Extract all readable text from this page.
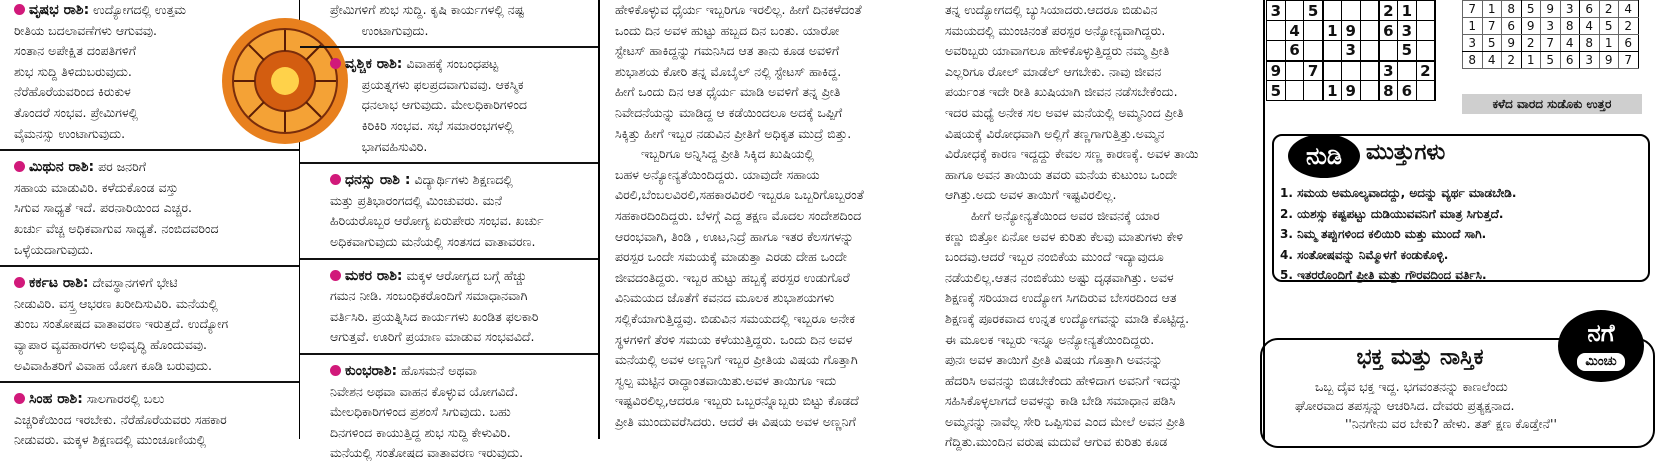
ವೃಷಭ ರಾಶಿ: ಉದ್ಯೋಗದಲ್ಲಿ ಉತ್ತಮ
ರೀತಿಯ ಬದಲಾವಣೆಗಳು ಆಗುವವು.
ಸಂತಾನ ಅಪೇಕ್ಷಿತ ದಂಪತಿಗಳಿಗೆ
ಶುಭ ಸುದ್ದಿ ತಿಳಿದುಬರುವುದು.
ನೆರೆಹೊರೆಯವರಿಂದ ಕಿರುಕುಳ
ತೊಂದರೆ ಸಂಭವ. ಪ್ರೇಮಿಗಳಲ್ಲಿ
ವೈಮನಸ್ಸು ಉಂಟಾಗುವುದು.
ಮಿಥುನ ರಾಶಿ: ಪರ ಜನರಿಗೆ
ಸಹಾಯ ಮಾಡುವಿರಿ. ಕಳೆದುಕೊಂಡ ವಸ್ತು
ಸಿಗುವ ಸಾಧ್ಯತೆ ಇದೆ. ಪರನಾರಿಯಿಂದ ಎಚ್ಚರ.
ಖರ್ಚು ವೆಚ್ಚ ಅಧಿಕವಾಗುವ ಸಾಧ್ಯತೆ. ನಂಬಿದವರಿಂದ
ಒಳ್ಳೆಯದಾಗುವುದು.
ಕರ್ಕಟ ರಾಶಿ: ದೇವಸ್ಥಾನಗಳಿಗೆ ಭೇಟಿ
ನೀಡುವಿರಿ. ವಸ್ತ್ರ ಆಭರಣ ಖರೀದಿಸುವಿರಿ. ಮನೆಯಲ್ಲಿ
ತುಂಬ ಸಂತೋಷದ ವಾತಾವರಣ ಇರುತ್ತದೆ. ಉದ್ಯೋಗ
ವ್ಯಾಪಾರ ವ್ಯವಹಾರಗಳು ಅಭಿವೃದ್ಧಿ ಹೊಂದುವವು.
ಅವಿವಾಹಿತರಿಗೆ ವಿವಾಹ ಯೋಗ ಕೂಡಿ ಬರುವುದು.
ಸಿಂಹ ರಾಶಿ: ಸಾಲಗಾರರಲ್ಲಿ ಬಲು
ಎಚ್ಚರಿಕೆಯಿಂದ ಇರಬೇಕು. ನೆರೆಹೊರೆಯವರು ಸಹಕಾರ
ನೀಡುವರು. ಮಕ್ಕಳ ಶಿಕ್ಷಣದಲ್ಲಿ ಮುಂಚೂಣಿಯಲ್ಲಿ
ಪ್ರೇಮಿಗಳಿಗೆ ಶುಭ ಸುದ್ದಿ. ಕೃಷಿ ಕಾರ್ಯಗಳಲ್ಲಿ ನಷ್ಟ
ಉಂಟಾಗುವುದು.
ವೃಶ್ಚಿಕ ರಾಶಿ: ವಿವಾಹಕ್ಕೆ ಸಂಬಂಧಪಟ್ಟ
ಪ್ರಯತ್ನಗಳು ಫಲಪ್ರದವಾಗುವವು. ಆಕಸ್ಮಿಕ
ಧನಲಾಭ ಆಗುವುದು. ಮೇಲಧಿಕಾರಿಗಳಿಂದ
ಕಿರಿಕಿರಿ ಸಂಭವ. ಸಭೆ ಸಮಾರಂಭಗಳಲ್ಲಿ
ಭಾಗವಹಿಸುವಿರಿ.
ಧನಸ್ಸು ರಾಶಿ : ವಿದ್ಯಾರ್ಥಿಗಳು ಶಿಕ್ಷಣದಲ್ಲಿ
ಮತ್ತು ಪ್ರತಿಭಾರಂಗದಲ್ಲಿ ಮಿಂಚುವರು. ಮನೆ
ಹಿರಿಯರೊಬ್ಬರ ಆರೋಗ್ಯ ಏರುಪೇರು ಸಂಭವ. ಖರ್ಚು
ಅಧಿಕವಾಗುವುದು ಮನೆಯಲ್ಲಿ ಸಂತಸದ ವಾತಾವರಣ.
ಮಕರ ರಾಶಿ: ಮಕ್ಕಳ ಆರೋಗ್ಯದ ಬಗ್ಗೆ ಹೆಚ್ಚು
ಗಮನ ನೀಡಿ. ಸಂಬಂಧಿಕರೊಂದಿಗೆ ಸಮಾಧಾನವಾಗಿ
ವರ್ತಿಸಿರಿ. ಪ್ರಯತ್ನಿಸಿದ ಕಾರ್ಯಗಳು ಖಂಡಿತ ಫಲಕಾರಿ
ಆಗುತ್ತವೆ. ಊರಿಗೆ ಪ್ರಯಾಣ ಮಾಡುವ ಸಂಭವವಿದೆ.
ಕುಂಭರಾಶಿ: ಹೊಸಮನೆ ಅಥವಾ
ನಿವೇಶನ ಅಥವಾ ವಾಹನ ಕೊಳ್ಳುವ ಯೋಗವಿದೆ.
ಮೇಲಧಿಕಾರಿಗಳಿಂದ ಪ್ರಶಂಸೆ ಸಿಗುವುದು. ಬಹು
ದಿನಗಳಿಂದ ಕಾಯುತ್ತಿದ್ದ ಶುಭ ಸುದ್ದಿ ಕೇಳುವಿರಿ.
ಮನೆಯಲ್ಲಿ ಸಂತೋಷದ ವಾತಾವರಣ ಇರುವುದು.
ಹೇಳಿಕೊಳ್ಳುವ ಧೈರ್ಯ ಇಬ್ಬರಿಗೂ ಇರಲಿಲ್ಲ. ಹೀಗೆ ದಿನಕಳೆದಂತೆ
ಒಂದು ದಿನ ಅವಳ ಹುಟ್ಟು ಹಬ್ಬದ ದಿನ ಬಂತು. ಯಾರೋ
ಸ್ಟೇಟಸ್ ಹಾಕಿದ್ದನ್ನು ಗಮನಿಸಿದ ಆತ ತಾನು ಕೂಡ ಅವಳಿಗೆ
ಶುಭಾಶಯ ಕೋರಿ ತನ್ನ ಮೊಬೈಲ್ ನಲ್ಲಿ ಸ್ಟೇಟಸ್ ಹಾಕಿದ್ದ.
ಹೀಗೆ ಒಂದು ದಿನ ಆತ ಧೈರ್ಯ ಮಾಡಿ ಅವಳಿಗೆ ತನ್ನ ಪ್ರೀತಿ
ನಿವೇದನೆಯನ್ನು ಮಾಡಿದ್ದ ಆ ಕಡೆಯಿಂದಲೂ ಅದಕ್ಕೆ ಒಪ್ಪಿಗೆ
ಸಿಕ್ಕಿತ್ತು ಹೀಗೆ ಇಬ್ಬರ ನಡುವಿನ ಪ್ರೀತಿಗೆ ಅಧಿಕೃತ ಮುದ್ರೆ ಬಿತ್ತು.
ಇಬ್ಬರಿಗೂ ಅನ್ನಿಸಿದ್ದ ಪ್ರೀತಿ ಸಿಕ್ಕಿದ ಖುಷಿಯಲ್ಲಿ
ಬಹಳ ಅನ್ಯೋನ್ಯತೆಯಿಂದಿದ್ದರು. ಯಾವುದೇ ಸಹಾಯ
ವಿರಲಿ,ಬೆಂಬಲವಿರಲಿ,ಸಹಕಾರವಿರಲಿ ಇಬ್ಬರೂ ಒಬ್ಬರಿಗೊಬ್ಬರಂತೆ
ಸಹಕಾರದಿಂದಿದ್ದರು. ಬೆಳಗ್ಗೆ ಎದ್ದ ತಕ್ಷಣ ಮೊದಲ ಸಂದೇಶದಿಂದ
ಆರಂಭವಾಗಿ, ತಿಂಡಿ , ಊಟ,ನಿದ್ರೆ ಹಾಗೂ ಇತರ ಕೆಲಸಗಳನ್ನು
ಪರಸ್ಪರ ಒಂದೇ ಸಮಯಕ್ಕೆ ಮಾಡುತ್ತಾ ಎರಡು ದೇಹ ಒಂದೇ
ಜೀವದಂತಿದ್ದರು. ಇಬ್ಬರ ಹುಟ್ಟು ಹಬ್ಬಕ್ಕೆ ಪರಸ್ಪರ ಉಡುಗೊರೆ
ವಿನಿಮಯದ ಜೊತೆಗೆ ಕವನದ ಮೂಲಕ ಶುಭಾಶಯಗಳು
ಸಲ್ಲಿಕೆಯಾಗುತ್ತಿದ್ದವು. ಬಿಡುವಿನ ಸಮಯದಲ್ಲಿ ಇಬ್ಬರೂ ಅನೇಕ
ಸ್ಥಳಗಳಿಗೆ ತೆರಳಿ ಸಮಯ ಕಳೆಯುತ್ತಿದ್ದರು. ಒಂದು ದಿನ ಅವಳ
ಮನೆಯಲ್ಲಿ ಅವಳ ಅಣ್ಣನಿಗೆ ಇಬ್ಬರ ಪ್ರೀತಿಯ ವಿಷಯ ಗೊತ್ತಾಗಿ
ಸ್ವಲ್ಪ ಮಟ್ಟಿನ ರಾದ್ಧಾಂತವಾಯಿತು.ಅವಳ ತಾಯಿಗೂ ಇದು
ಇಷ್ಟವಿರಲಿಲ್ಲ,ಆದರೂ ಇಬ್ಬರು ಒಬ್ಬರನ್ನೊಬ್ಬರು ಬಿಟ್ಟು ಕೊಡದೆ
ಪ್ರೀತಿ ಮುಂದುವರೆಸಿದರು. ಆದರೆ ಈ ವಿಷಯ ಅವಳ ಅಣ್ಣನಿಗೆ
ತನ್ನ ಉದ್ಯೋಗದಲ್ಲಿ ಬ್ಯುಸಿಯಾದರು.ಆದರೂ ಬಿಡುವಿನ
ಸಮಯದಲ್ಲಿ ಮುಂಚಿನಂತೆ ಪರಸ್ಪರ ಅನ್ಯೋನ್ಯವಾಗಿದ್ದರು.
ಅವರಿಬ್ಬರು ಯಾವಾಗಲೂ ಹೇಳಿಕೊಳ್ಳುತ್ತಿದ್ದರು ನಮ್ಮ ಪ್ರೀತಿ
ಎಲ್ಲರಿಗೂ ರೋಲ್ ಮಾಡೆಲ್ ಆಗಬೇಕು. ನಾವು ಜೀವನ
ಪರ್ಯಂತ ಇದೇ ರೀತಿ ಖುಷಿಯಾಗಿ ಜೀವನ ನಡೆಸಬೇಕೆಂದು.
ಇದರ ಮಧ್ಯೆ ಅನೇಕ ಸಲ ಅವಳ ಮನೆಯಲ್ಲಿ ಅಮ್ಮನಿಂದ ಪ್ರೀತಿ
ವಿಷಯಕ್ಕೆ ವಿರೋಧವಾಗಿ ಅಲ್ಲಿಗೆ ತಣ್ಣಗಾಗುತ್ತಿತ್ತು.ಅಮ್ಮನ
ವಿರೋಧಕ್ಕೆ ಕಾರಣ ಇದ್ದದ್ದು ಕೇವಲ ಸಣ್ಣ ಕಾರಣಕ್ಕೆ. ಅವಳ ತಾಯಿ
ಹಾಗೂ ಅವನ ತಾಯಿಯ ತವರು ಮನೆಯ ಕುಟುಂಬ ಒಂದೇ
ಆಗಿತ್ತು.ಅದು ಅವಳ ತಾಯಿಗೆ ಇಷ್ಟವಿರಲಿಲ್ಲ.
ಹೀಗೆ ಅನ್ಯೋನ್ಯತೆಯಿಂದ ಅವರ ಜೀವನಕ್ಕೆ ಯಾರ
ಕಣ್ಣು ಬಿತ್ತೋ ಏನೋ ಅವಳ ಕುರಿತು ಕೆಲವು ಮಾತುಗಳು ಕೇಳಿ
ಬಂದವು.ಆದರೆ ಇಬ್ಬರ ನಂಬಿಕೆಯ ಮುಂದೆ ಇದ್ಯಾವುದೂ
ನಡೆಯಲಿಲ್ಲ.ಆತನ ನಂಬಿಕೆಯು ಅಷ್ಟು ದೃಢವಾಗಿತ್ತು. ಅವಳ
ಶಿಕ್ಷಣಕ್ಕೆ ಸರಿಯಾದ ಉದ್ಯೋಗ ಸಿಗದಿರುವ ಬೇಸರದಿಂದ ಆತ
ಶಿಕ್ಷಣಕ್ಕೆ ಪೂರಕವಾದ ಉನ್ನತ ಉದ್ಯೋಗವನ್ನು ಮಾಡಿ ಕೊಟ್ಟಿದ್ದ.
ಈ ಮೂಲಕ ಇಬ್ಬರು ಇನ್ನೂ ಅನ್ಯೋನ್ಯತೆಯಿಂದಿದ್ದರು.
ಪುನಃ ಅವಳ ತಾಯಿಗೆ ಪ್ರೀತಿ ವಿಷಯ ಗೊತ್ತಾಗಿ ಅವನನ್ನು
ಹೆದರಿಸಿ ಅವನನ್ನು ಬಿಡಬೇಕೆಂದು ಹೇಳಿದಾಗ ಅವನಿಗೆ ಇದನ್ನು
ಸಹಿಸಿಕೊಳ್ಳಲಾಗದೆ ಅವಳನ್ನು ಕಾಡಿ ಬೇಡಿ ಸಮಾಧಾನ ಪಡಿಸಿ
ಅಮ್ಮನನ್ನು ನಾವೆಲ್ಲ ಸೇರಿ ಒಪ್ಪಿಸುವ ಎಂದ ಮೇಲೆ ಅವನ ಪ್ರೀತಿ
ಗೆದ್ದಿತು.ಮುಂದಿನ ವರುಷ ಮದುವೆ ಆಗುವ ಕುರಿತು ಕೂಡ
3		5				2	1	
	4		1	9		6	3	
	6			3			5	
9		7				3		2
5			1	9		8	6	
7	1	8	5	9	3	6	2	4
1	7	6	9	3	8	4	5	2
3	5	9	2	7	4	8	1	6
8	4	2	1	5	6	3	9	7
ಕಳೆದ ವಾರದ ಸುಡೊಕು ಉತ್ತರ
ನುಡಿ	ಮುತ್ತುಗಳು
1. ಸಮಯ ಅಮೂಲ್ಯವಾದದ್ದು, ಅದನ್ನು ವ್ಯರ್ಥ ಮಾಡಬೇಡಿ.
2. ಯಶಸ್ಸು ಕಷ್ಟಪಟ್ಟು ದುಡಿಯುವವನಿಗೆ ಮಾತ್ರ ಸಿಗುತ್ತದೆ.
3. ನಿಮ್ಮ ತಪ್ಪುಗಳಿಂದ ಕಲಿಯಿರಿ ಮತ್ತು ಮುಂದೆ ಸಾಗಿ.
4. ಸಂತೋಷವನ್ನು ನಿಮ್ಮೊಳಗೆ ಕಂಡುಕೊಳ್ಳಿ.
5. ಇತರರೊಂದಿಗೆ ಪ್ರೀತಿ ಮತ್ತು ಗೌರವದಿಂದ ವರ್ತಿಸಿ.
ನಗೆ
ಮಿಂಚು
ಭಕ್ತ ಮತ್ತು ನಾಸ್ತಿಕ
ಒಬ್ಬ ದೈವ ಭಕ್ತ ಇದ್ದ. ಭಗವಂತನನ್ನು ಕಾಣಲೆಂದು
ಘೋರವಾದ ತಪಸ್ಸನ್ನು ಆಚರಿಸಿದ. ದೇವರು ಪ್ರತ್ಯಕ್ಷನಾದ.
''ನಿನಗೇನು ವರ ಬೇಕು? ಹೇಳು. ತತ್ ಕ್ಷಣ ಕೊಡ್ತೇನೆ''
